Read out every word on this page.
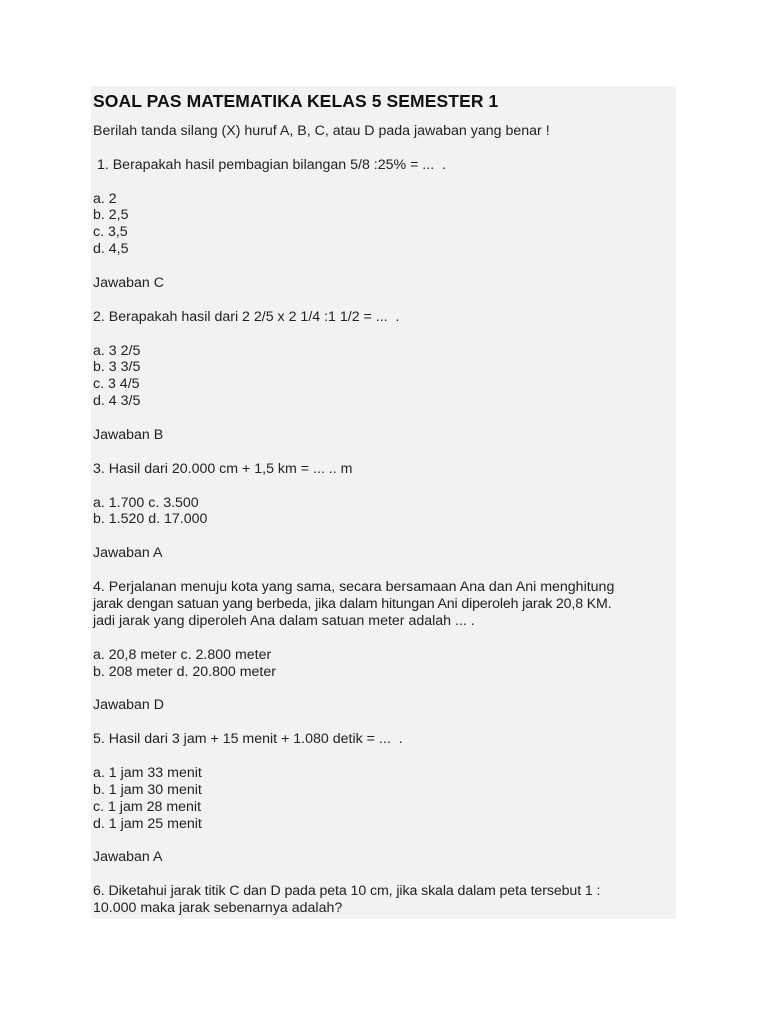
SOAL PAS MATEMATIKA KELAS 5 SEMESTER 1
Berilah tanda silang (X) huruf A, B, C, atau D pada jawaban yang benar !
1. Berapakah hasil pembagian bilangan 5/8 :25% = ...  .
a. 2
b. 2,5
c. 3,5
d. 4,5
Jawaban C
2. Berapakah hasil dari 2 2/5 x 2 1/4 :1 1/2 = ...  .
a. 3 2/5
b. 3 3/5
c. 3 4/5
d. 4 3/5
Jawaban B
3. Hasil dari 20.000 cm + 1,5 km = ... .. m
a. 1.700 c. 3.500
b. 1.520 d. 17.000
Jawaban A
4. Perjalanan menuju kota yang sama, secara bersamaan Ana dan Ani menghitung
jarak dengan satuan yang berbeda, jika dalam hitungan Ani diperoleh jarak 20,8 KM.
jadi jarak yang diperoleh Ana dalam satuan meter adalah ... .
a. 20,8 meter c. 2.800 meter
b. 208 meter d. 20.800 meter
Jawaban D
5. Hasil dari 3 jam + 15 menit + 1.080 detik = ...  .
a. 1 jam 33 menit
b. 1 jam 30 menit
c. 1 jam 28 menit
d. 1 jam 25 menit
Jawaban A
6. Diketahui jarak titik C dan D pada peta 10 cm, jika skala dalam peta tersebut 1 :
10.000 maka jarak sebenarnya adalah?
